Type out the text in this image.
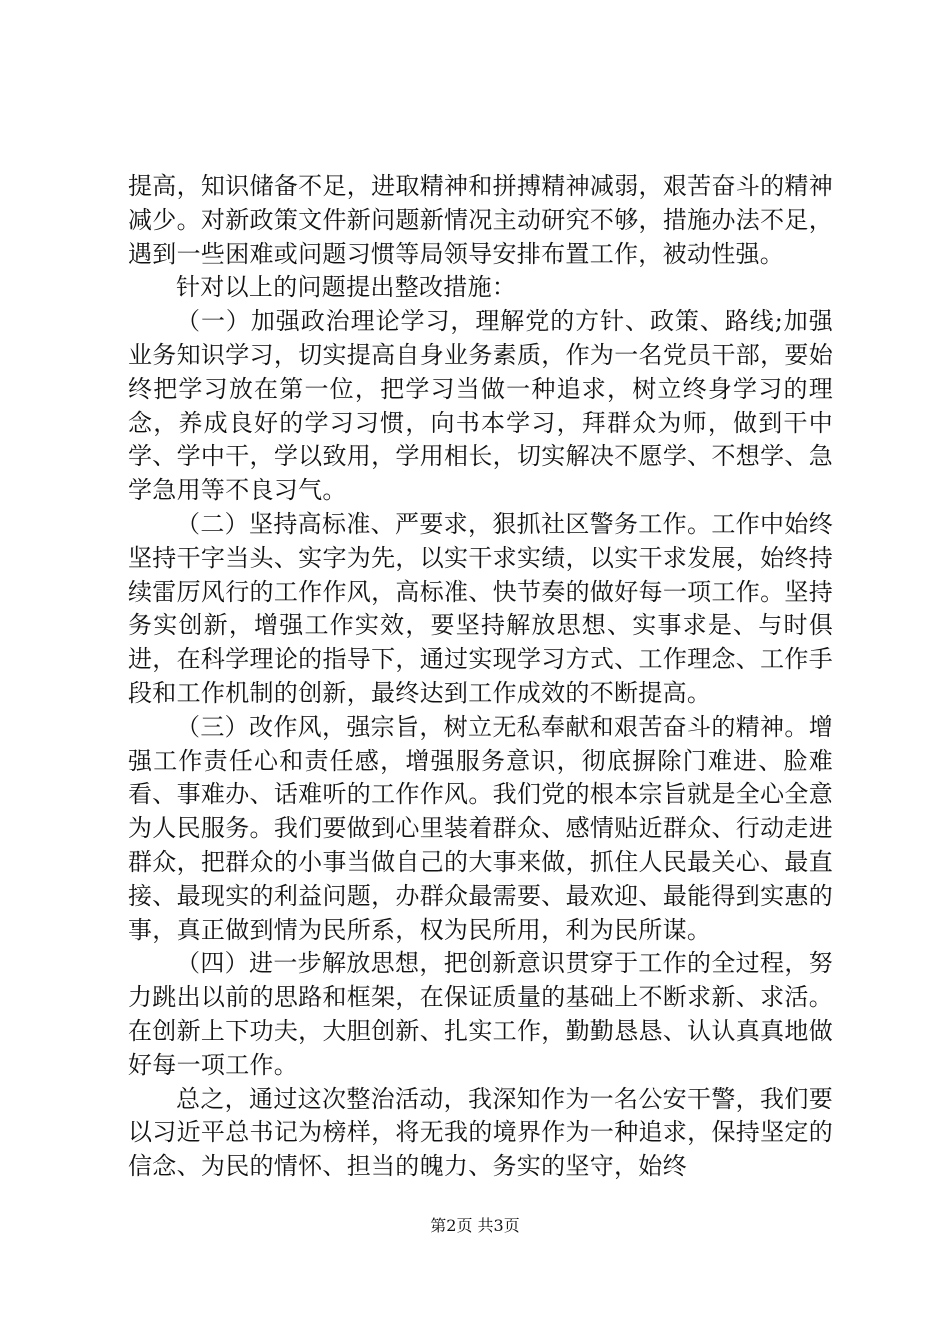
提高，知识储备不足，进取精神和拼搏精神减弱，艰苦奋斗的精神减少。对新政策文件新问题新情况主动研究不够，措施办法不足，遇到一些困难或问题习惯等局领导安排布置工作，被动性强。

针对以上的问题提出整改措施：

（一）加强政治理论学习，理解党的方针、政策、路线;加强业务知识学习，切实提高自身业务素质，作为一名党员干部，要始终把学习放在第一位，把学习当做一种追求，树立终身学习的理念，养成良好的学习习惯，向书本学习，拜群众为师，做到干中学、学中干，学以致用，学用相长，切实解决不愿学、不想学、急学急用等不良习气。

（二）坚持高标准、严要求，狠抓社区警务工作。工作中始终坚持干字当头、实字为先，以实干求实绩，以实干求发展，始终持续雷厉风行的工作作风，高标准、快节奏的做好每一项工作。坚持务实创新，增强工作实效，要坚持解放思想、实事求是、与时俱进，在科学理论的指导下，通过实现学习方式、工作理念、工作手段和工作机制的创新，最终达到工作成效的不断提高。

（三）改作风，强宗旨，树立无私奉献和艰苦奋斗的精神。增强工作责任心和责任感，增强服务意识，彻底摒除门难进、脸难看、事难办、话难听的工作作风。我们党的根本宗旨就是全心全意为人民服务。我们要做到心里装着群众、感情贴近群众、行动走进群众，把群众的小事当做自己的大事来做，抓住人民最关心、最直接、最现实的利益问题，办群众最需要、最欢迎、最能得到实惠的事，真正做到情为民所系，权为民所用，利为民所谋。

（四）进一步解放思想，把创新意识贯穿于工作的全过程，努力跳出以前的思路和框架，在保证质量的基础上不断求新、求活。在创新上下功夫，大胆创新、扎实工作，勤勤恳恳、认认真真地做好每一项工作。

总之，通过这次整治活动，我深知作为一名公安干警，我们要以习近平总书记为榜样，将无我的境界作为一种追求，保持坚定的信念、为民的情怀、担当的魄力、务实的坚守，始终

第2页 共3页
